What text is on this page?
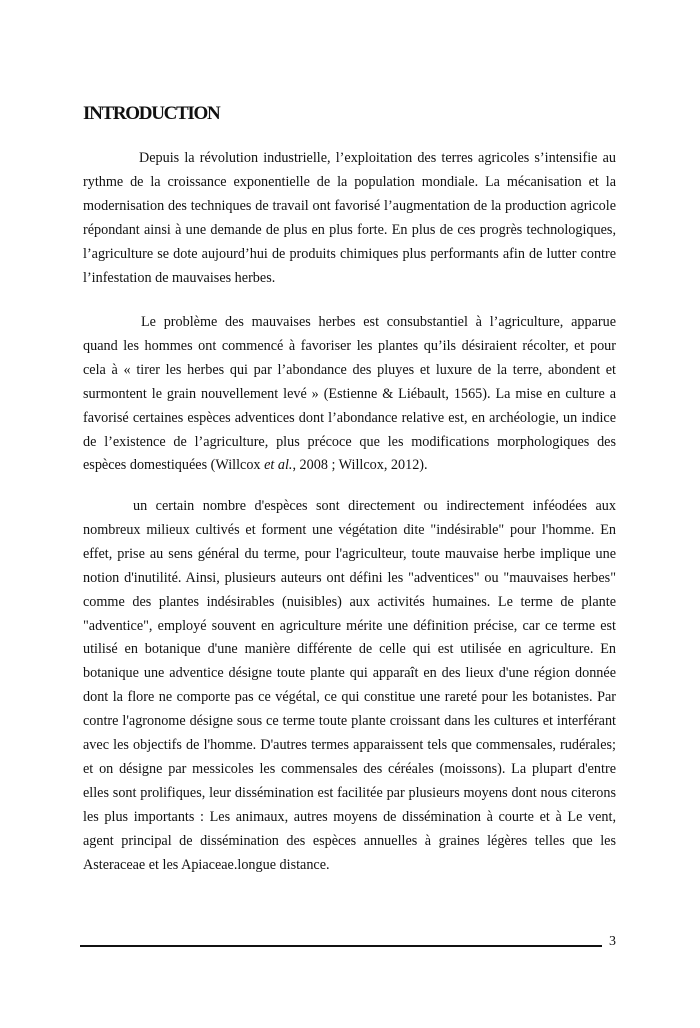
INTRODUCTION

Depuis la révolution industrielle, l’exploitation des terres agricoles s’intensifie au rythme de la croissance exponentielle de la population mondiale. La mécanisation et la modernisation des techniques de travail ont favorisé l’augmentation de la production agricole répondant ainsi à une demande de plus en plus forte. En plus de ces progrès technologiques, l’agriculture se dote aujourd’hui de produits chimiques plus performants afin de lutter contre l’infestation de mauvaises herbes.

Le problème des mauvaises herbes est consubstantiel à l’agriculture, apparue quand les hommes ont commencé à favoriser les plantes qu’ils désiraient récolter, et pour cela à « tirer les herbes qui par l’abondance des pluyes et luxure de la terre, abondent et surmontent le grain nouvellement levé » (Estienne & Liébault, 1565). La mise en culture a favorisé certaines espèces adventices dont l’abondance relative est, en archéologie, un indice de l’existence de l’agriculture, plus précoce que les modifications morphologiques des espèces domestiquées (Willcox et al., 2008 ; Willcox, 2012).

un certain nombre d'espèces sont directement ou indirectement inféodées aux nombreux milieux cultivés et forment une végétation dite "indésirable" pour l'homme. En effet, prise au sens général du terme, pour l'agriculteur, toute mauvaise herbe implique une notion d'inutilité. Ainsi, plusieurs auteurs ont défini les "adventices" ou "mauvaises herbes" comme des plantes indésirables (nuisibles) aux activités humaines. Le terme de plante "adventice", employé souvent en agriculture mérite une définition précise, car ce terme est utilisé en botanique d'une manière différente de celle qui est utilisée en agriculture. En botanique une adventice désigne toute plante qui apparaît en des lieux d'une région donnée dont la flore ne comporte pas ce végétal, ce qui constitue une rareté pour les botanistes. Par contre l'agronome désigne sous ce terme toute plante croissant dans les cultures et interférant avec les objectifs de l'homme. D'autres termes apparaissent tels que commensales, rudérales; et on désigne par messicoles les commensales des céréales (moissons). La plupart d'entre elles sont prolifiques, leur dissémination est facilitée par plusieurs moyens dont nous citerons les plus importants : Les animaux, autres moyens de dissémination à courte et à Le vent, agent principal de dissémination des espèces annuelles à graines légères telles que les Asteraceae et les Apiaceae.longue distance.

3
